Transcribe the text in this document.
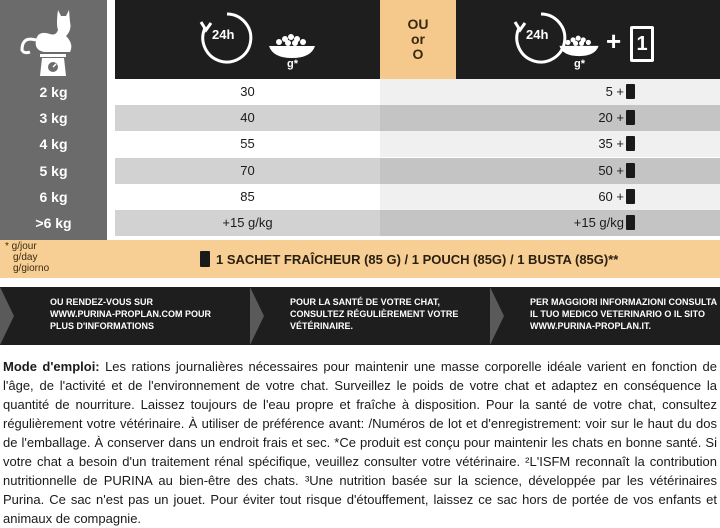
24h
g*
OU
or
O
24h
g*
+ 1
2 kg	30	5 +
3 kg	40	20 +
4 kg	55	35 +
5 kg	70	50 +
6 kg	85	60 +
>6 kg	+15 g/kg	+15 g/kg
* g/jour
g/day
g/giorno
1 SACHET FRAÎCHEUR (85 G) / 1 POUCH (85G) / 1 BUSTA (85G)**
OU RENDEZ-VOUS SUR
WWW.PURINA-PROPLAN.COM POUR
PLUS D'INFORMATIONS
POUR LA SANTÉ DE VOTRE CHAT,
CONSULTEZ RÉGULIÈREMENT VOTRE
VÉTÉRINAIRE.
PER MAGGIORI INFORMAZIONI CONSULTA
IL TUO MEDICO VETERINARIO O IL SITO
WWW.PURINA-PROPLAN.IT.
Mode d'emploi: Les rations journalières nécessaires pour maintenir une masse corporelle idéale varient en fonction de l'âge, de l'activité et de l'environnement de votre chat. Surveillez le poids de votre chat et adaptez en conséquence la quantité de nourriture. Laissez toujours de l'eau propre et fraîche à disposition. Pour la santé de votre chat, consultez régulièrement votre vétérinaire. À utiliser de préférence avant: /Numéros de lot et d'enregistrement: voir sur le haut du dos de l'emballage. À conserver dans un endroit frais et sec. *Ce produit est conçu pour maintenir les chats en bonne santé. Si votre chat a besoin d'un traitement rénal spécifique, veuillez consulter votre vétérinaire. ²L'ISFM reconnaît la contribution nutritionnelle de PURINA au bien-être des chats. ³Une nutrition basée sur la science, développée par les vétérinaires Purina. Ce sac n'est pas un jouet. Pour éviter tout risque d'étouffement, laissez ce sac hors de portée de vos enfants et animaux de compagnie.
